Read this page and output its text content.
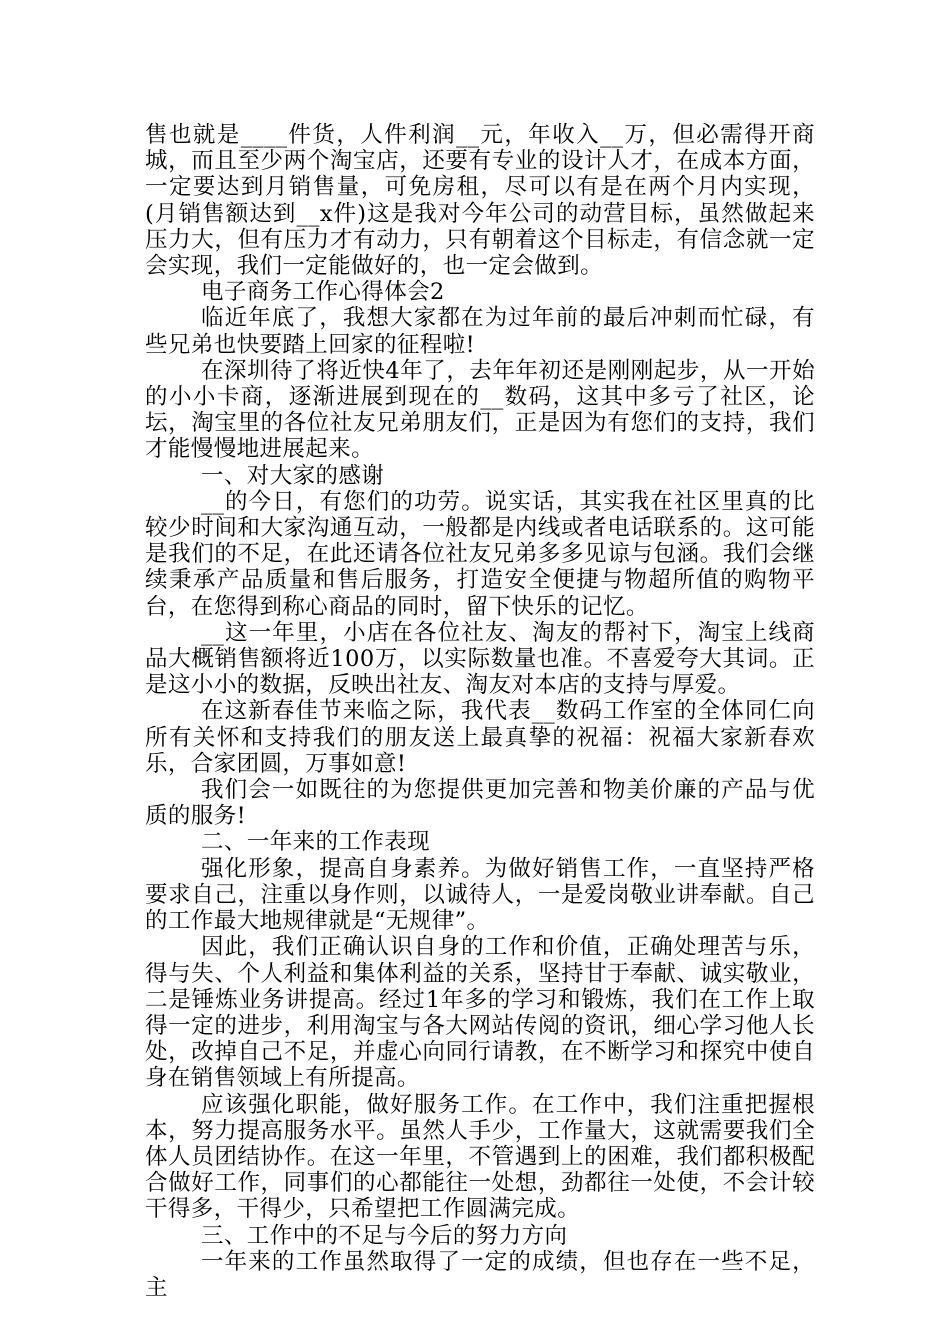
售也就是____件货，人件利润__元，年收入__万，但必需得开商城，而且至少两个淘宝店，还要有专业的设计人才，在成本方面，一定要达到月销售量，可免房租，尽可以有是在两个月内实现，(月销售额达到__x件)这是我对今年公司的动营目标，虽然做起来压力大，但有压力才有动力，只有朝着这个目标走，有信念就一定会实现，我们一定能做好的，也一定会做到。

电子商务工作心得体会2

临近年底了，我想大家都在为过年前的最后冲刺而忙碌，有些兄弟也快要踏上回家的征程啦!

在深圳待了将近快4年了，去年年初还是刚刚起步，从一开始的小小卡商，逐渐进展到现在的__数码，这其中多亏了社区，论坛，淘宝里的各位社友兄弟朋友们，正是因为有您们的支持，我们才能慢慢地进展起来。

一、对大家的感谢

__的今日，有您们的功劳。说实话，其实我在社区里真的比较少时间和大家沟通互动，一般都是内线或者电话联系的。这可能是我们的不足，在此还请各位社友兄弟多多见谅与包涵。我们会继续秉承产品质量和售后服务，打造安全便捷与物超所值的购物平台，在您得到称心商品的同时，留下快乐的记忆。

__这一年里，小店在各位社友、淘友的帮衬下，淘宝上线商品大概销售额将近100万，以实际数量也准。不喜爱夸大其词。正是这小小的数据，反映出社友、淘友对本店的支持与厚爱。

在这新春佳节来临之际，我代表__数码工作室的全体同仁向所有关怀和支持我们的朋友送上最真挚的祝福：祝福大家新春欢乐，合家团圆，万事如意!

我们会一如既往的为您提供更加完善和物美价廉的产品与优质的服务!

二、一年来的工作表现

强化形象，提高自身素养。为做好销售工作，一直坚持严格要求自己，注重以身作则，以诚待人，一是爱岗敬业讲奉献。自己的工作最大地规律就是“无规律”。

因此，我们正确认识自身的工作和价值，正确处理苦与乐，得与失、个人利益和集体利益的关系，坚持甘于奉献、诚实敬业，二是锤炼业务讲提高。经过1年多的学习和锻炼，我们在工作上取得一定的进步，利用淘宝与各大网站传阅的资讯，细心学习他人长处，改掉自己不足，并虚心向同行请教，在不断学习和探究中使自身在销售领域上有所提高。

应该强化职能，做好服务工作。在工作中，我们注重把握根本，努力提高服务水平。虽然人手少，工作量大，这就需要我们全体人员团结协作。在这一年里，不管遇到上的困难，我们都积极配合做好工作，同事们的心都能往一处想，劲都往一处使，不会计较干得多，干得少，只希望把工作圆满完成。

三、工作中的不足与今后的努力方向

一年来的工作虽然取得了一定的成绩，但也存在一些不足，主
